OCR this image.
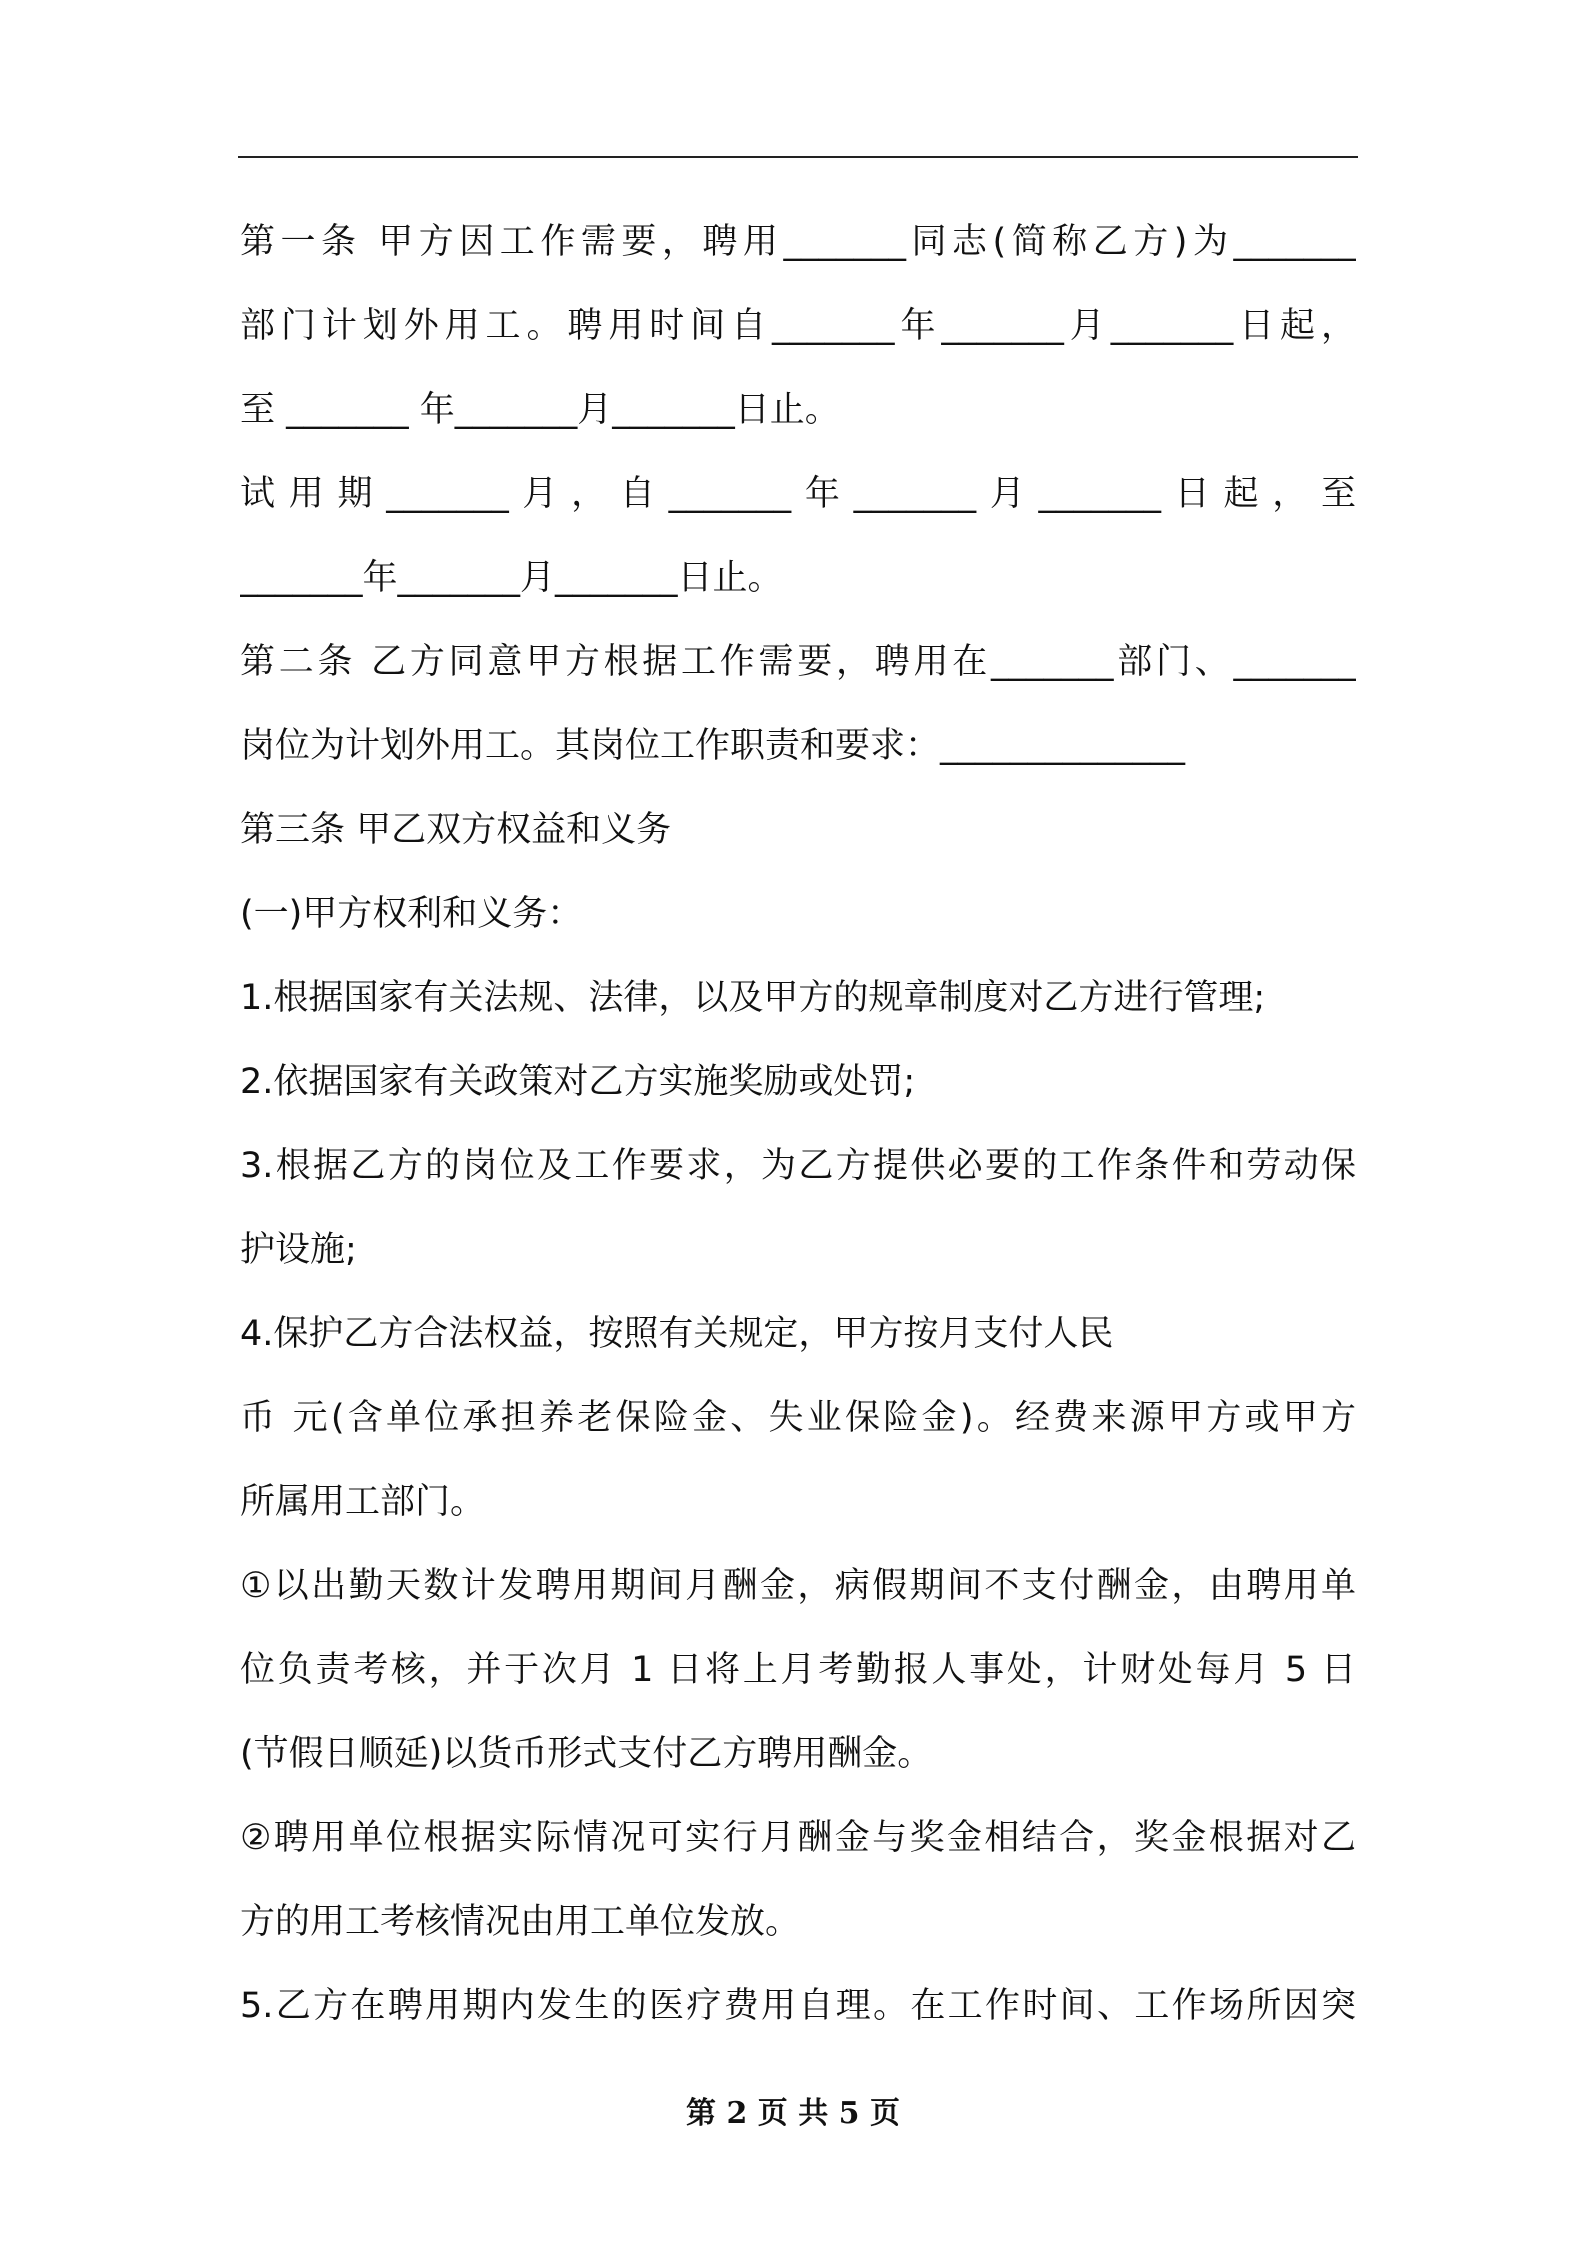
第一条 甲方因工作需要，聘用_______同志(简称乙方)为_______
部门计划外用工。聘用时间自_______年_______月_______日起，
至 _______ 年_______月_______日止。
试用期_______月，自_______年_______月_______日起，至
_______年_______月_______日止。
第二条 乙方同意甲方根据工作需要，聘用在_______部门、_______
岗位为计划外用工。其岗位工作职责和要求：______________
第三条 甲乙双方权益和义务
(一)甲方权利和义务：
1.根据国家有关法规、法律，以及甲方的规章制度对乙方进行管理;
2.依据国家有关政策对乙方实施奖励或处罚;
3.根据乙方的岗位及工作要求，为乙方提供必要的工作条件和劳动保
护设施;
4.保护乙方合法权益，按照有关规定，甲方按月支付人民
币 元(含单位承担养老保险金、失业保险金)。经费来源甲方或甲方
所属用工部门。
①以出勤天数计发聘用期间月酬金，病假期间不支付酬金，由聘用单
位负责考核，并于次月 1 日将上月考勤报人事处，计财处每月 5 日
(节假日顺延)以货币形式支付乙方聘用酬金。
②聘用单位根据实际情况可实行月酬金与奖金相结合，奖金根据对乙
方的用工考核情况由用工单位发放。
5.乙方在聘用期内发生的医疗费用自理。在工作时间、工作场所因突
第 2 页 共 5 页
